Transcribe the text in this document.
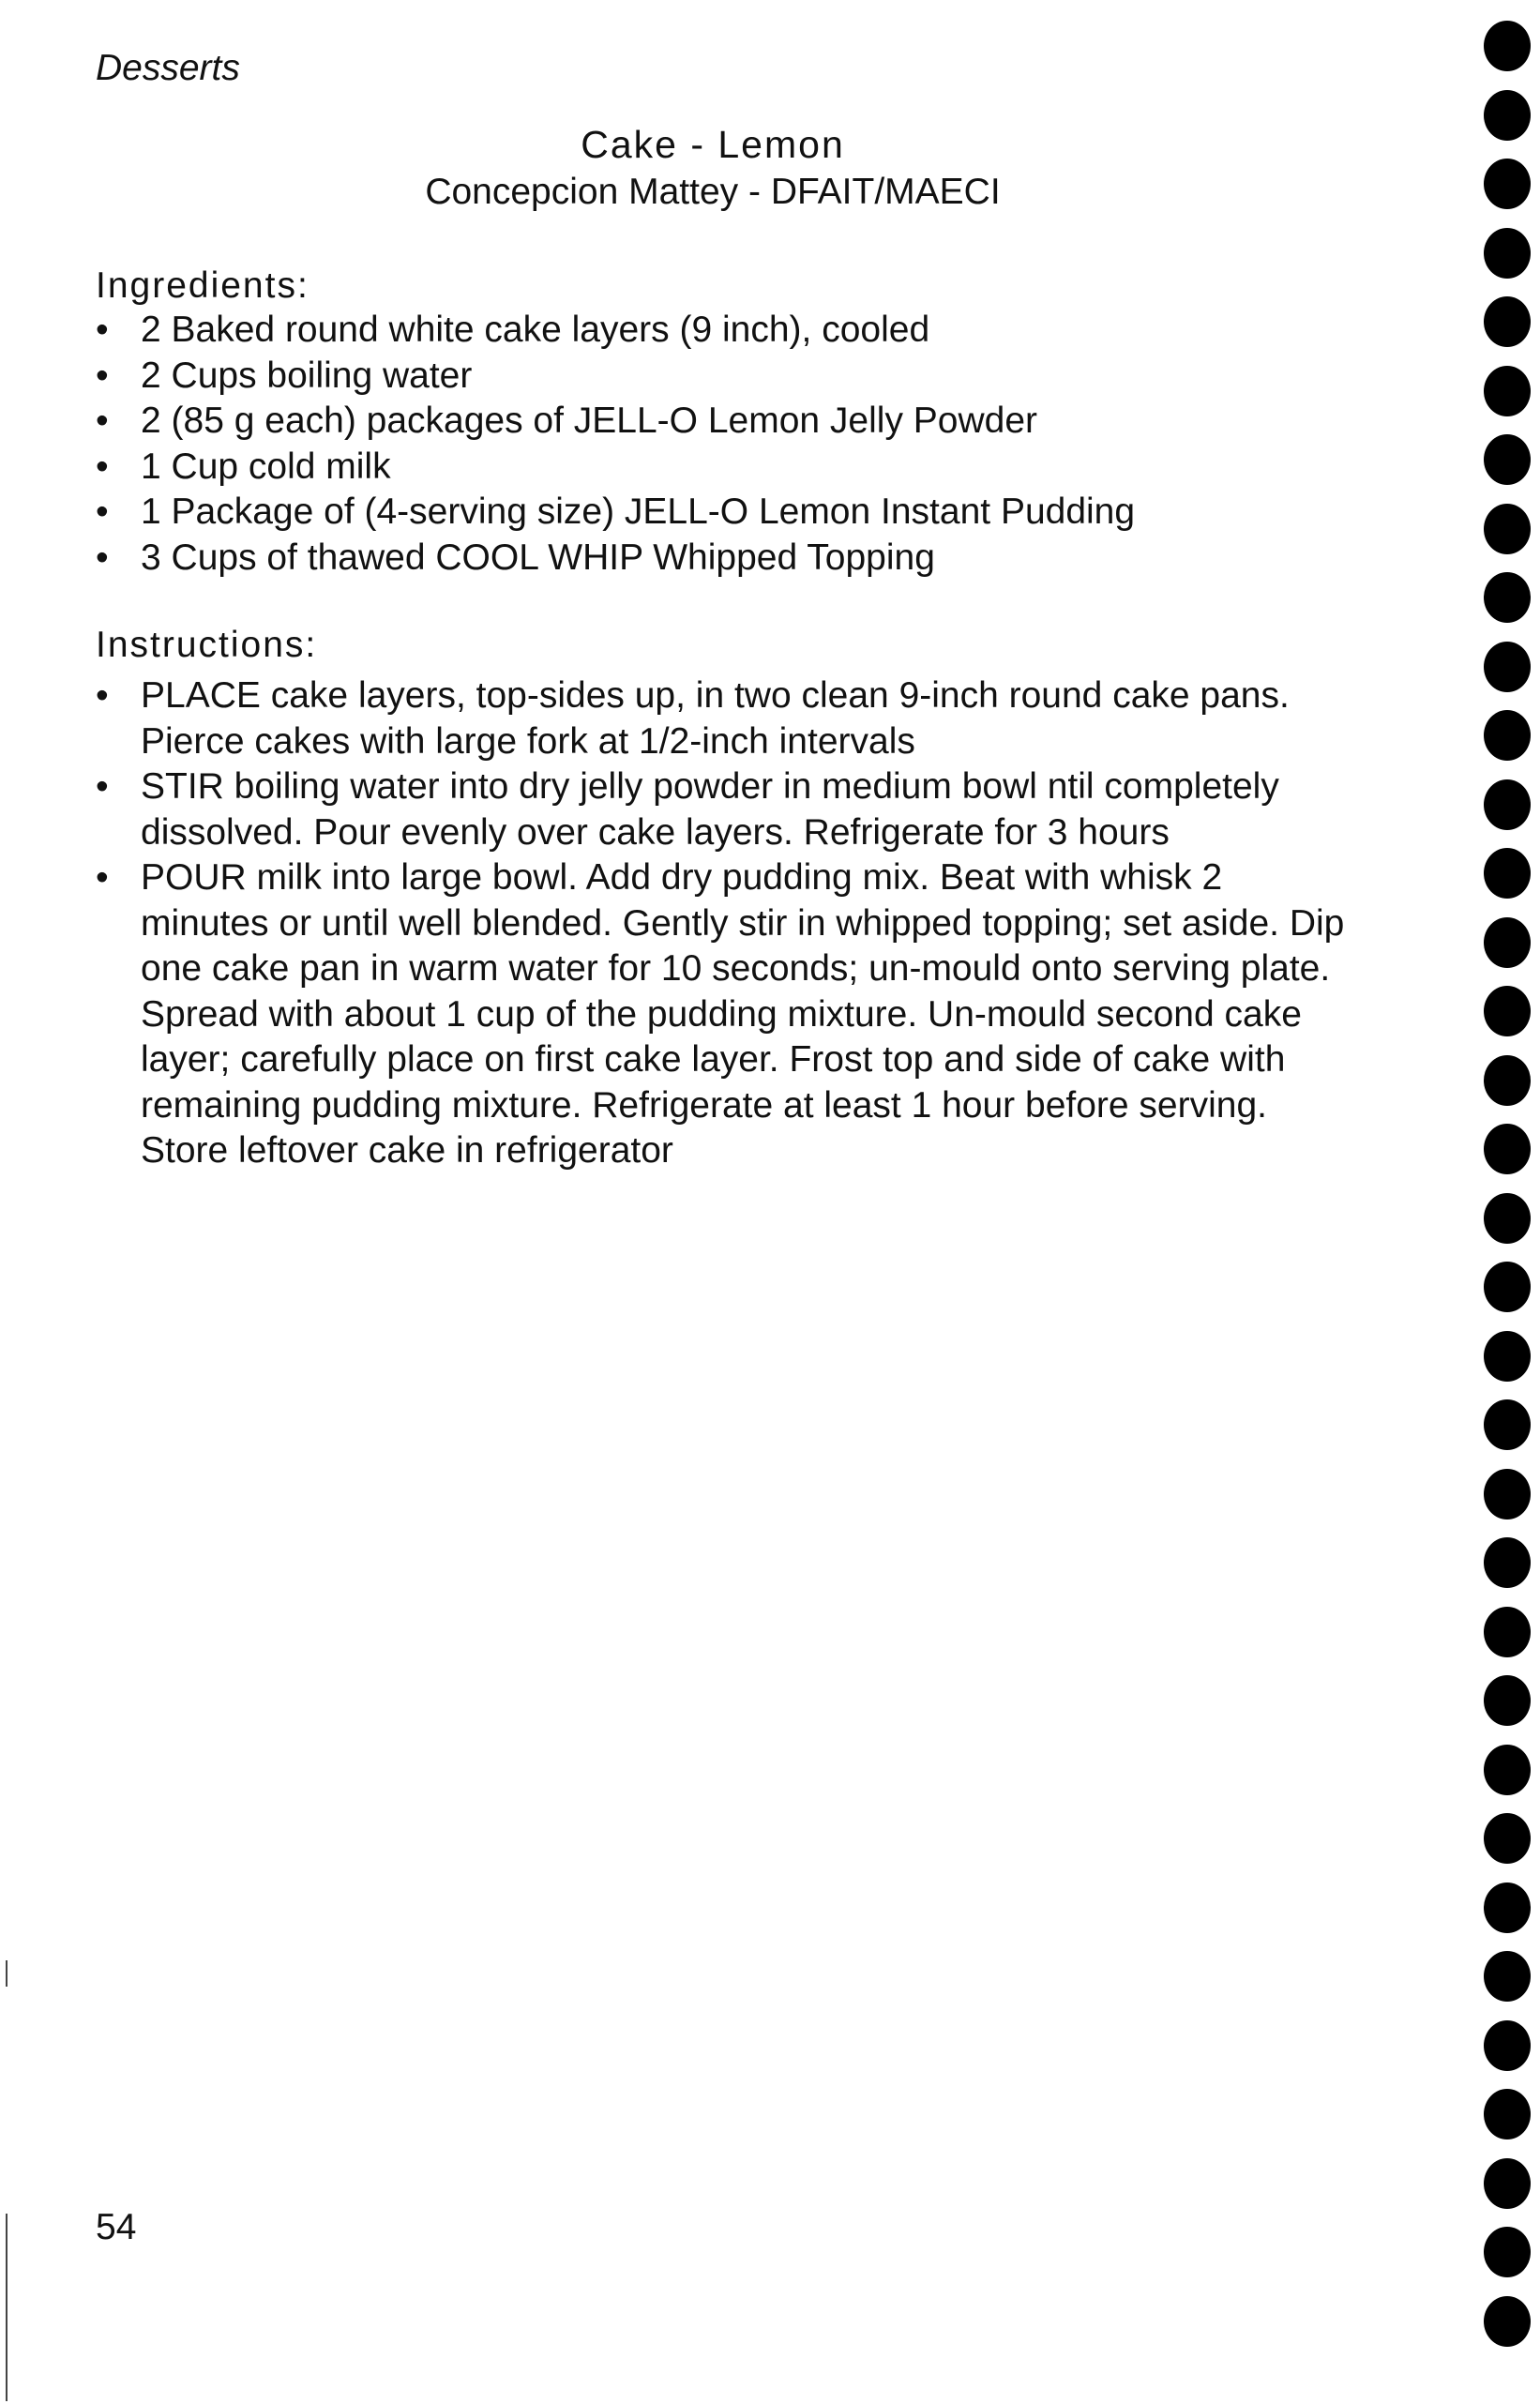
Desserts
Cake - Lemon
Concepcion Mattey - DFAIT/MAECI
Ingredients:
• 2 Baked round white cake layers (9 inch), cooled
• 2 Cups boiling water
• 2 (85 g each) packages of JELL-O Lemon Jelly Powder
• 1 Cup cold milk
• 1 Package of (4-serving size) JELL-O Lemon Instant Pudding
• 3 Cups of thawed COOL WHIP Whipped Topping
Instructions:
• PLACE cake layers, top-sides up, in two clean 9-inch round cake pans. Pierce cakes with large fork at 1/2-inch intervals
• STIR boiling water into dry jelly powder in medium bowl ntil completely dissolved. Pour evenly over cake layers. Refrigerate for 3 hours
• POUR milk into large bowl. Add dry pudding mix. Beat with whisk 2 minutes or until well blended. Gently stir in whipped topping; set aside. Dip one cake pan in warm water for 10 seconds; un-mould onto serving plate. Spread with about 1 cup of the pudding mixture. Un-mould second cake layer; carefully place on first cake layer. Frost top and side of cake with remaining pudding mixture. Refrigerate at least 1 hour before serving. Store leftover cake in refrigerator
54
